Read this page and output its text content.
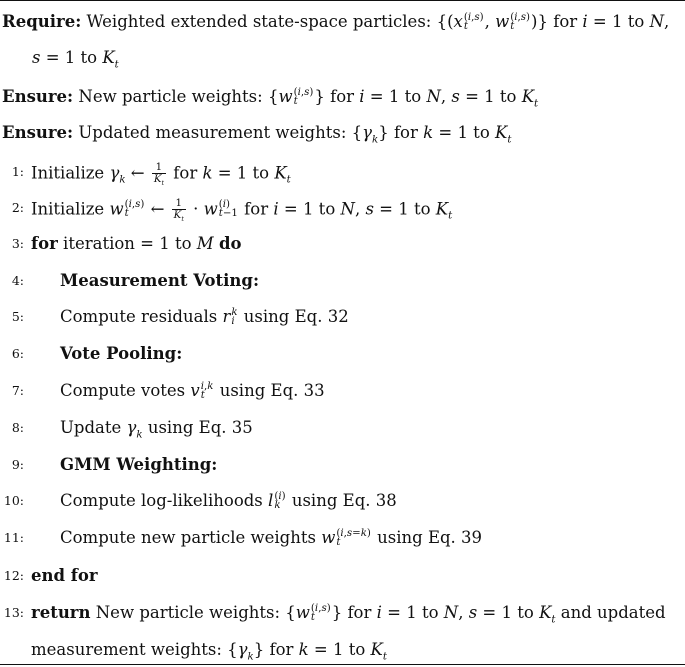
Require: Weighted extended state-space particles: {(x (i,s)
t	, w (i,s)
t	)} for i = 1 to N,
s = 1 to $K_t$
Ensure: New particle weights: {w (i,s)
t	} for i = 1 to N, s = 1 to $K_t$
Ensure: Updated measurement weights: $\{\gamma_k\}$ for k = 1 to $K_t$
1: Initialize $\gamma_k$ ← $\frac{1}{K_t}$ for k = 1 to $K_t$
2: Initialize w (i,s)
t	← $\frac{1}{K_t} \cdot w$ (i)
t−1 for i = 1 to N, s = 1 to $K_t$
3: for iteration = 1 to M do
4: Measurement Voting:
5: Compute residuals r k
i using Eq. 32
6: Vote Pooling:
7: Compute votes v i,k
t using Eq. 33
8: Update $\gamma_k$ using Eq. 35
9: GMM Weighting:
10: Compute log-likelihoods l (i)
k using Eq. 38
11: Compute new particle weights w (i,s=k)
t	using Eq. 39
12: end for
13: return New particle weights: {w (i,s)
t	} for i = 1 to N, s = 1 to $K_t$ and updated
measurement weights: $\{\gamma_k\}$ for k = 1 to $K_t$
